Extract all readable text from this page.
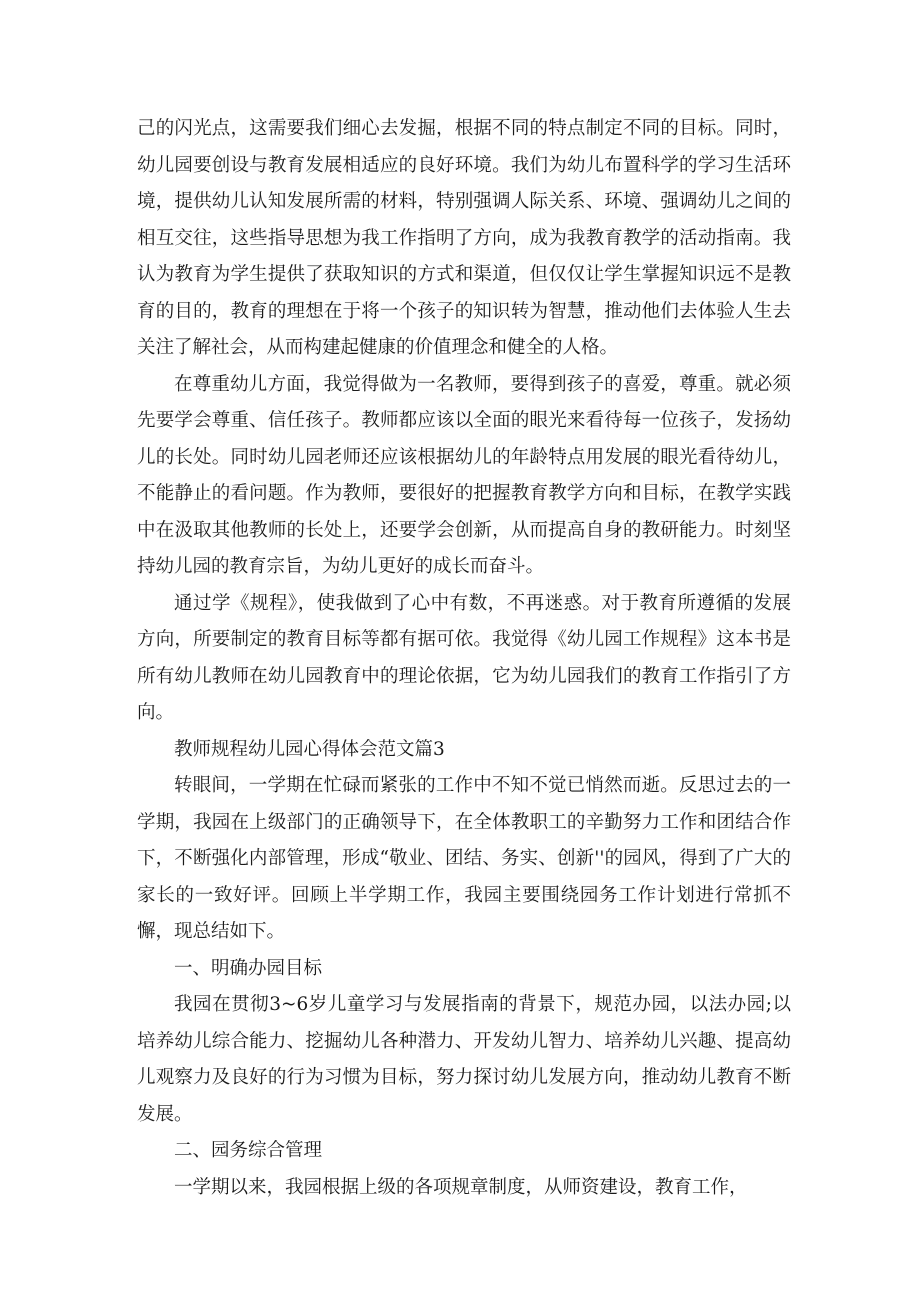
己的闪光点，这需要我们细心去发掘，根据不同的特点制定不同的目标。同时，幼儿园要创设与教育发展相适应的良好环境。我们为幼儿布置科学的学习生活环境，提供幼儿认知发展所需的材料，特别强调人际关系、环境、强调幼儿之间的相互交往，这些指导思想为我工作指明了方向，成为我教育教学的活动指南。我认为教育为学生提供了获取知识的方式和渠道，但仅仅让学生掌握知识远不是教育的目的，教育的理想在于将一个孩子的知识转为智慧，推动他们去体验人生去关注了解社会，从而构建起健康的价值理念和健全的人格。

在尊重幼儿方面，我觉得做为一名教师，要得到孩子的喜爱，尊重。就必须先要学会尊重、信任孩子。教师都应该以全面的眼光来看待每一位孩子，发扬幼儿的长处。同时幼儿园老师还应该根据幼儿的年龄特点用发展的眼光看待幼儿，不能静止的看问题。作为教师，要很好的把握教育教学方向和目标，在教学实践中在汲取其他教师的长处上，还要学会创新，从而提高自身的教研能力。时刻坚持幼儿园的教育宗旨，为幼儿更好的成长而奋斗。

通过学《规程》，使我做到了心中有数，不再迷惑。对于教育所遵循的发展方向，所要制定的教育目标等都有据可依。我觉得《幼儿园工作规程》这本书是所有幼儿教师在幼儿园教育中的理论依据，它为幼儿园我们的教育工作指引了方向。

教师规程幼儿园心得体会范文篇3

转眼间，一学期在忙碌而紧张的工作中不知不觉已悄然而逝。反思过去的一学期，我园在上级部门的正确领导下，在全体教职工的辛勤努力工作和团结合作下，不断强化内部管理，形成“敬业、团结、务实、创新''的园风，得到了广大的家长的一致好评。回顾上半学期工作，我园主要围绕园务工作计划进行常抓不懈，现总结如下。

一、明确办园目标

我园在贯彻3~6岁儿童学习与发展指南的背景下，规范办园，以法办园;以培养幼儿综合能力、挖掘幼儿各种潜力、开发幼儿智力、培养幼儿兴趣、提高幼儿观察力及良好的行为习惯为目标，努力探讨幼儿发展方向，推动幼儿教育不断发展。

二、园务综合管理

一学期以来，我园根据上级的各项规章制度，从师资建设，教育工作，
